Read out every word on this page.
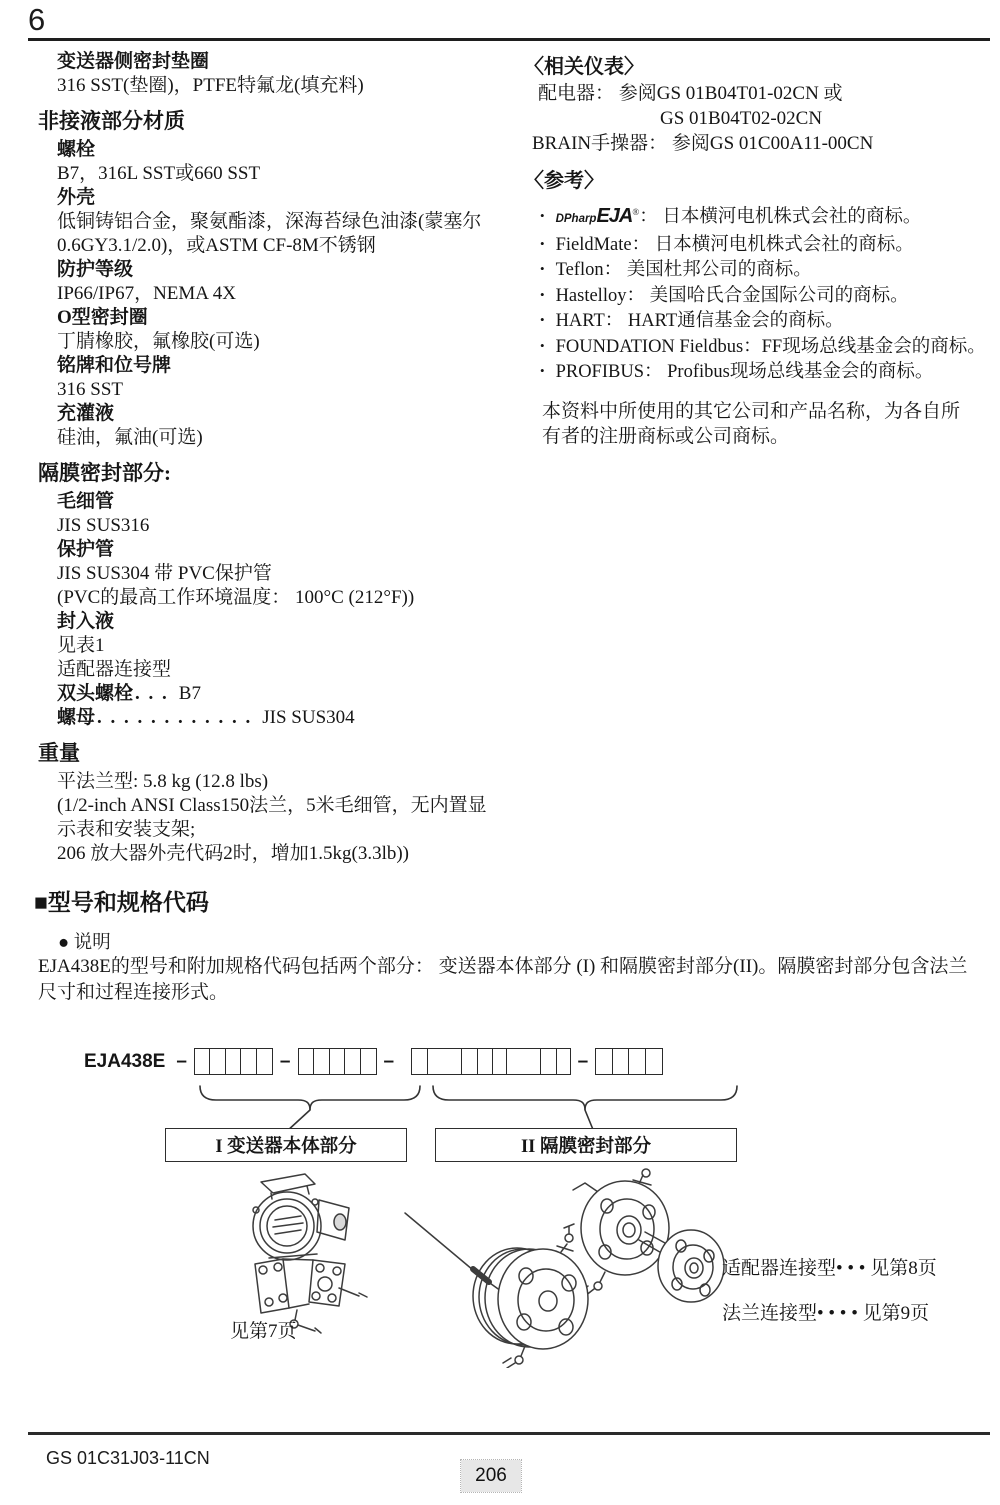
6
变送器侧密封垫圈
316 SST(垫圈)，PTFE特氟龙(填充料)
非接液部分材质
螺栓
B7，316L SST或660 SST
外壳
低铜铸铝合金，聚氨酯漆，深海苔绿色油漆(蒙塞尔
0.6GY3.1/2.0)，或ASTM CF-8M不锈钢
防护等级
IP66/IP67，NEMA 4X
O型密封圈
丁腈橡胶，氟橡胶(可选)
铭牌和位号牌
316 SST
充灌液
硅油，氟油(可选)
隔膜密封部分:
毛细管
JIS SUS316
保护管
JIS SUS304 带 PVC保护管
(PVC的最高工作环境温度： 100°C (212°F))
封入液
见表1
适配器连接型
双头螺栓 . . . B7
螺母 . . . . . . . . . . . . JIS SUS304
重量
平法兰型: 5.8 kg (12.8 lbs)
(1/2-inch ANSI Class150法兰，5米毛细管，无内置显
示表和安装支架;
206 放大器外壳代码2时，增加1.5kg(3.3lb))
〈相关仪表〉
配电器： 参阅GS 01B04T01-02CN 或
GS 01B04T02-02CN
BRAIN手操器： 参阅GS 01C00A11-00CN
〈参考〉
• DPharpEJA®： 日本横河电机株式会社的商标。
• FieldMate： 日本横河电机株式会社的商标。
• Teflon： 美国杜邦公司的商标。
• Hastelloy： 美国哈氏合金国际公司的商标。
• HART： HART通信基金会的商标。
• FOUNDATION Fieldbus：FF现场总线基金会的商标。
• PROFIBUS： Profibus现场总线基金会的商标。

本资料中所使用的其它公司和产品名称，为各自所有者的注册商标或公司商标。

■型号和规格代码
● 说明
EJA438E的型号和附加规格代码包括两个部分： 变送器本体部分 (I) 和隔膜密封部分(II)。隔膜密封部分包含法兰尺寸和过程连接形式。
EJA438E –	–	–	–
I 变送器本体部分	II 隔膜密封部分
见第7页
适配器连接型• • • 见第8页
法兰连接型• • • • 见第9页
GS 01C31J03-11CN
206
